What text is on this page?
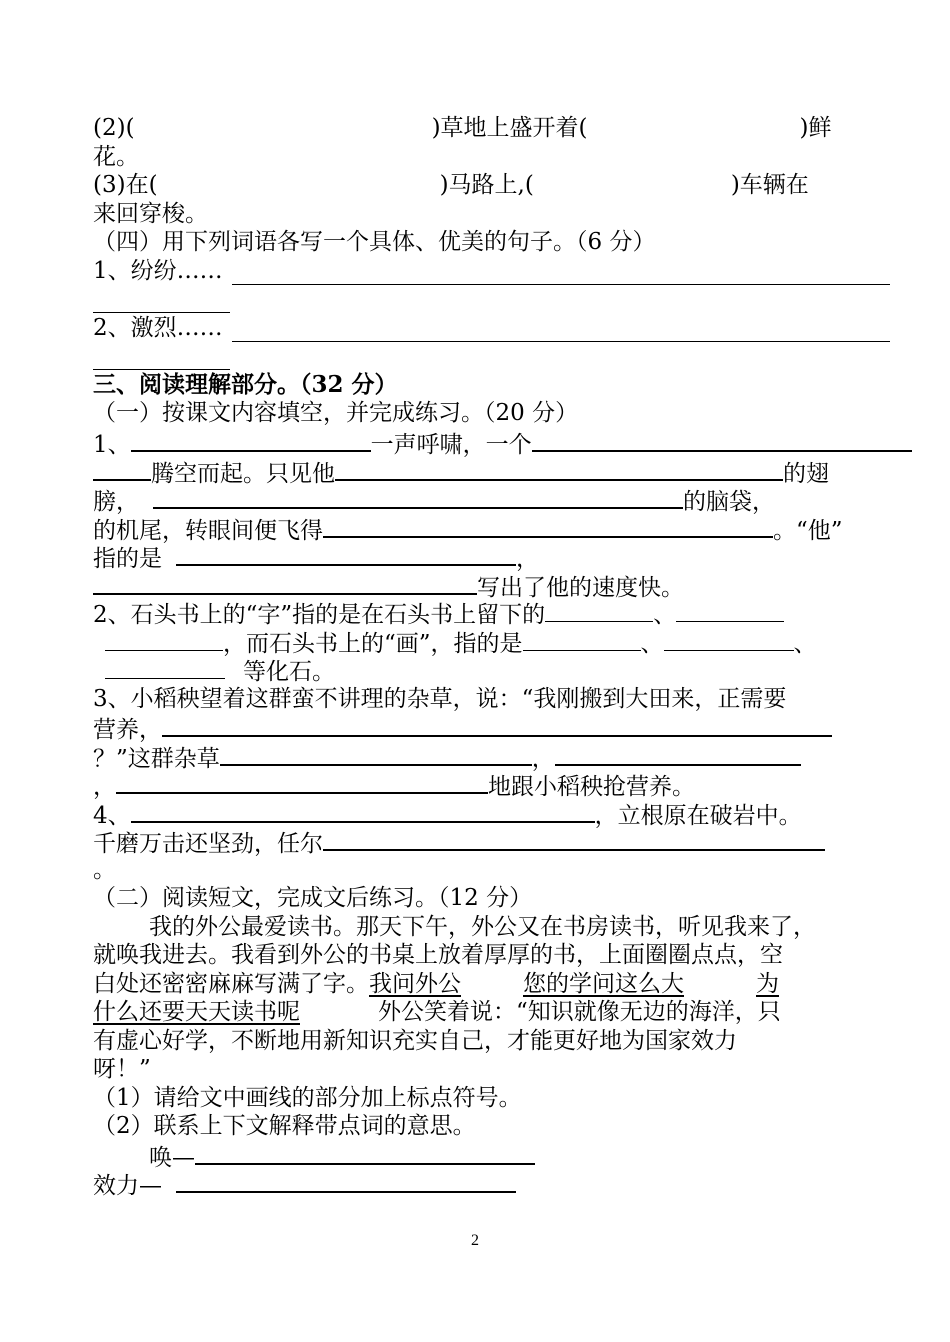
(2)(	)草地上盛开着(	)鲜
花。
(3)在(	)马路上,(	)车辆在
来回穿梭。
（四）用下列词语各写一个具体、优美的句子。（6 分）
1、纷纷……
2、激烈……
三、阅读理解部分。（32 分）
（一）按课文内容填空，并完成练习。（20 分）
1、	一声呼啸，一个
腾空而起。只见他	的翅
膀，	的脑袋，
的机尾，转眼间便飞得	。“他”
指的是	，
写出了他的速度快。
2、石头书上的“字”指的是在石头书上留下的	、
，而石头书上的“画”，指的是	、	、
等化石。
3、小稻秧望着这群蛮不讲理的杂草，说：“我刚搬到大田来，正需要
营养，
？”这群杂草	，
，	地跟小稻秧抢营养。
4、	，立根原在破岩中。
千磨万击还坚劲，任尔
。
（二）阅读短文，完成文后练习。（12 分）
我的外公最爱读书。那天下午，外公又在书房读书，听见我来了，
就唤我进去。我看到外公的书桌上放着厚厚的书，上面圈圈点点，空
白处还密密麻麻写满了字。我问外公	您的学问这么大	为
什么还要天天读书呢	外公笑着说：“知识就像无边的海洋，只
有虚心好学，不断地用新知识充实自己，才能更好地为国家效力
呀！”
（1）请给文中画线的部分加上标点符号。
（2）联系上下文解释带点词的意思。
唤—
效力—
2
